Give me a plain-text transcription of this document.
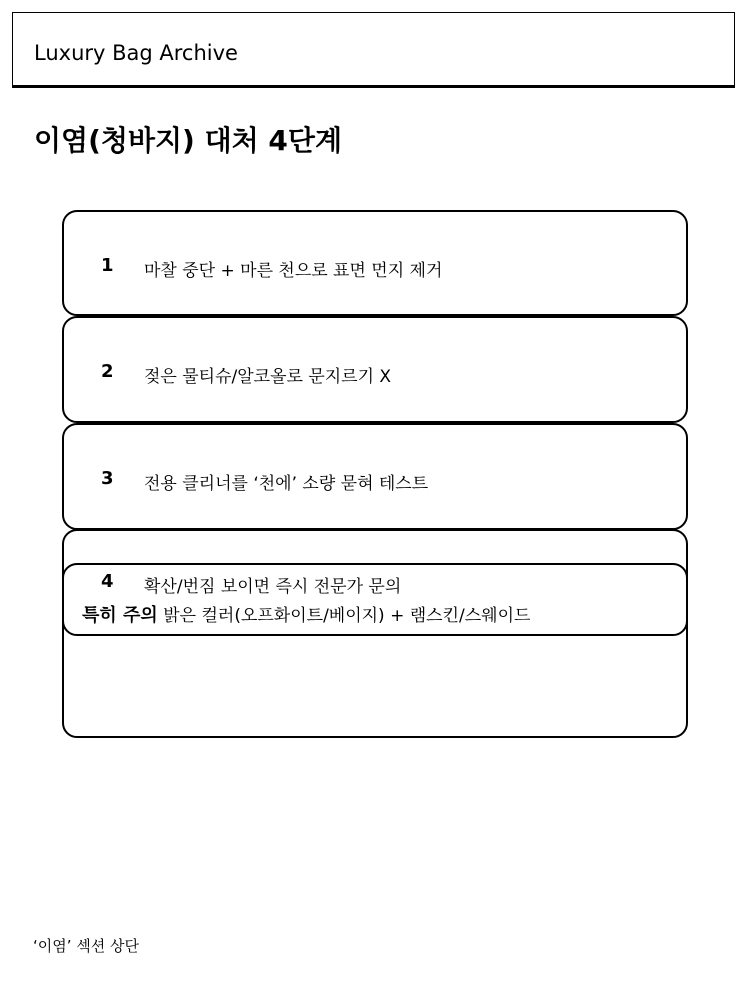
Luxury Bag Archive
이염(청바지) 대처 4단계
1 마찰 중단 + 마른 천으로 표면 먼지 제거
2 젖은 물티슈/알코올로 문지르기 X
3 전용 클리너를 ‘천에’ 소량 묻혀 테스트
4 확산/번짐 보이면 즉시 전문가 문의
특히 주의 밝은 컬러(오프화이트/베이지) + 램스킨/스웨이드
‘이염’ 섹션 상단
